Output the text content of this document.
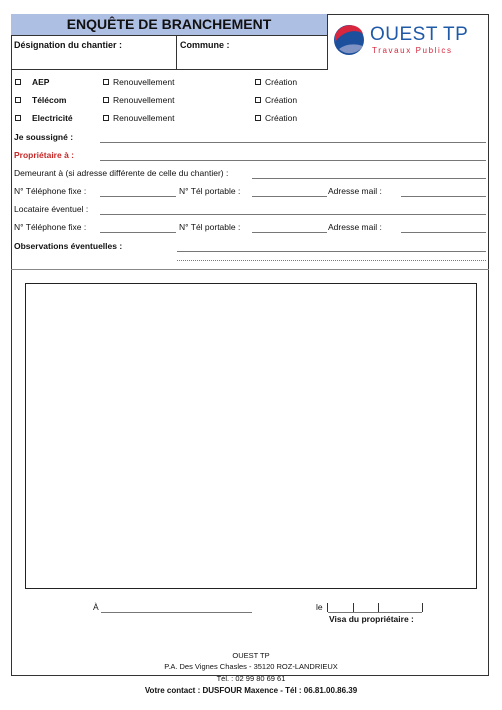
ENQUÊTE DE BRANCHEMENT
Désignation du chantier :	Commune :	OUEST TP
Travaux Publics
AEP	Renouvellement	Création
Télécom	Renouvellement	Création
Electricité	Renouvellement	Création
Je soussigné :
Propriétaire à :
Demeurant à (si adresse différente de celle du chantier) :
N° Téléphone fixe :	N° Tél portable :	Adresse mail :
Locataire éventuel :
N° Téléphone fixe :	N° Tél portable :	Adresse mail :
Observations éventuelles :
À	le
Visa du propriétaire :
OUEST TP
P.A. Des Vignes Chasles - 35120 ROZ-LANDRIEUX
Tél. : 02 99 80 69 61
Votre contact : DUSFOUR Maxence - Tél : 06.81.00.86.39
